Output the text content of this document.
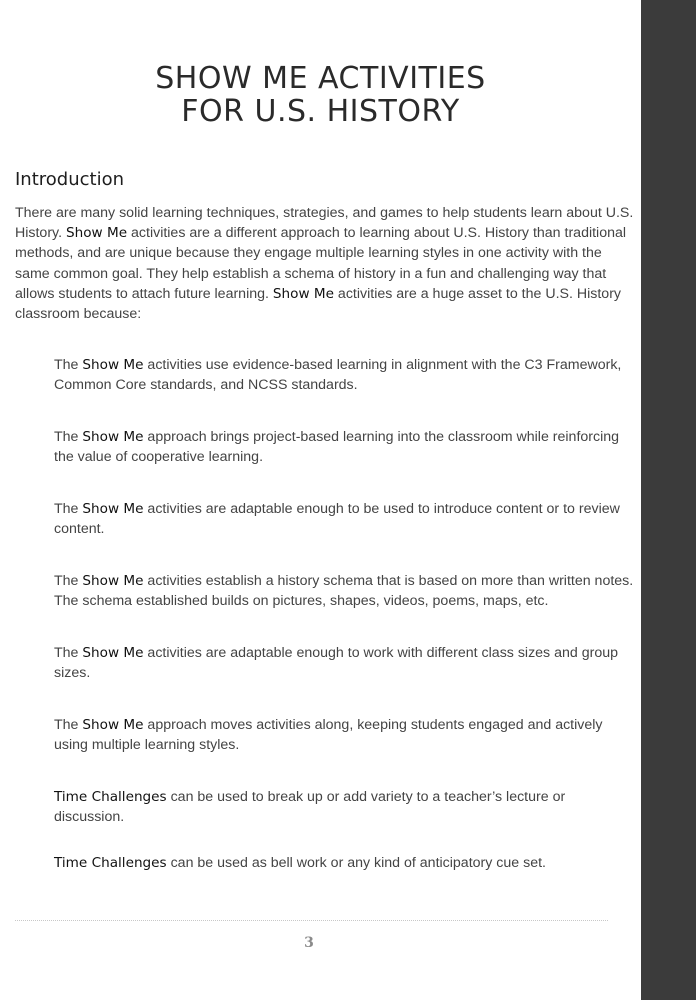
SHOW ME ACTIVITIES
FOR U.S. HISTORY
Introduction

There are many solid learning techniques, strategies, and games to help students learn about U.S. History. Show Me activities are a different approach to learning about U.S. History than traditional methods, and are unique because they engage multiple learning styles in one activity with the same common goal. They help establish a schema of history in a fun and challenging way that allows students to attach future learning. Show Me activities are a huge asset to the U.S. History classroom because:

The Show Me activities use evidence-based learning in alignment with the C3 Framework, Common Core standards, and NCSS standards.

The Show Me approach brings project-based learning into the classroom while reinforcing the value of cooperative learning.

The Show Me activities are adaptable enough to be used to introduce content or to review content.

The Show Me activities establish a history schema that is based on more than written notes. The schema established builds on pictures, shapes, videos, poems, maps, etc.

The Show Me activities are adaptable enough to work with different class sizes and group sizes.

The Show Me approach moves activities along, keeping students engaged and actively using multiple learning styles.

Time Challenges can be used to break up or add variety to a teacher’s lecture or discussion.

Time Challenges can be used as bell work or any kind of anticipatory cue set.

3
